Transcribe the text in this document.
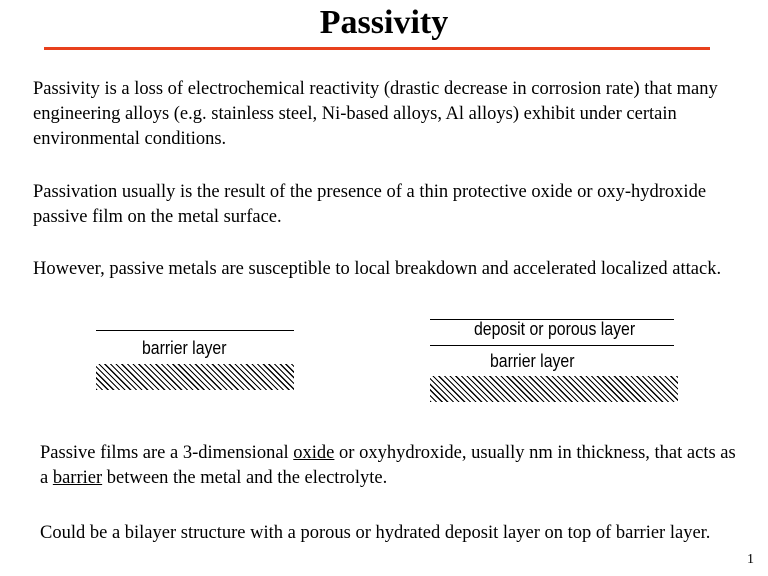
Passivity
Passivity is a loss of electrochemical reactivity (drastic decrease in corrosion rate) that many engineering alloys (e.g. stainless steel, Ni-based alloys, Al alloys) exhibit under certain environmental conditions.
Passivation usually is the result of the presence of a thin protective oxide or oxy-hydroxide passive film on the metal surface.
However, passive metals are susceptible to local breakdown and accelerated localized attack.
barrier layer
deposit or porous layer
barrier layer
Passive films are a 3-dimensional oxide or oxyhydroxide, usually nm in thickness, that acts as a barrier between the metal and the electrolyte.
Could be a bilayer structure with a porous or hydrated deposit layer on top of barrier layer.
1
